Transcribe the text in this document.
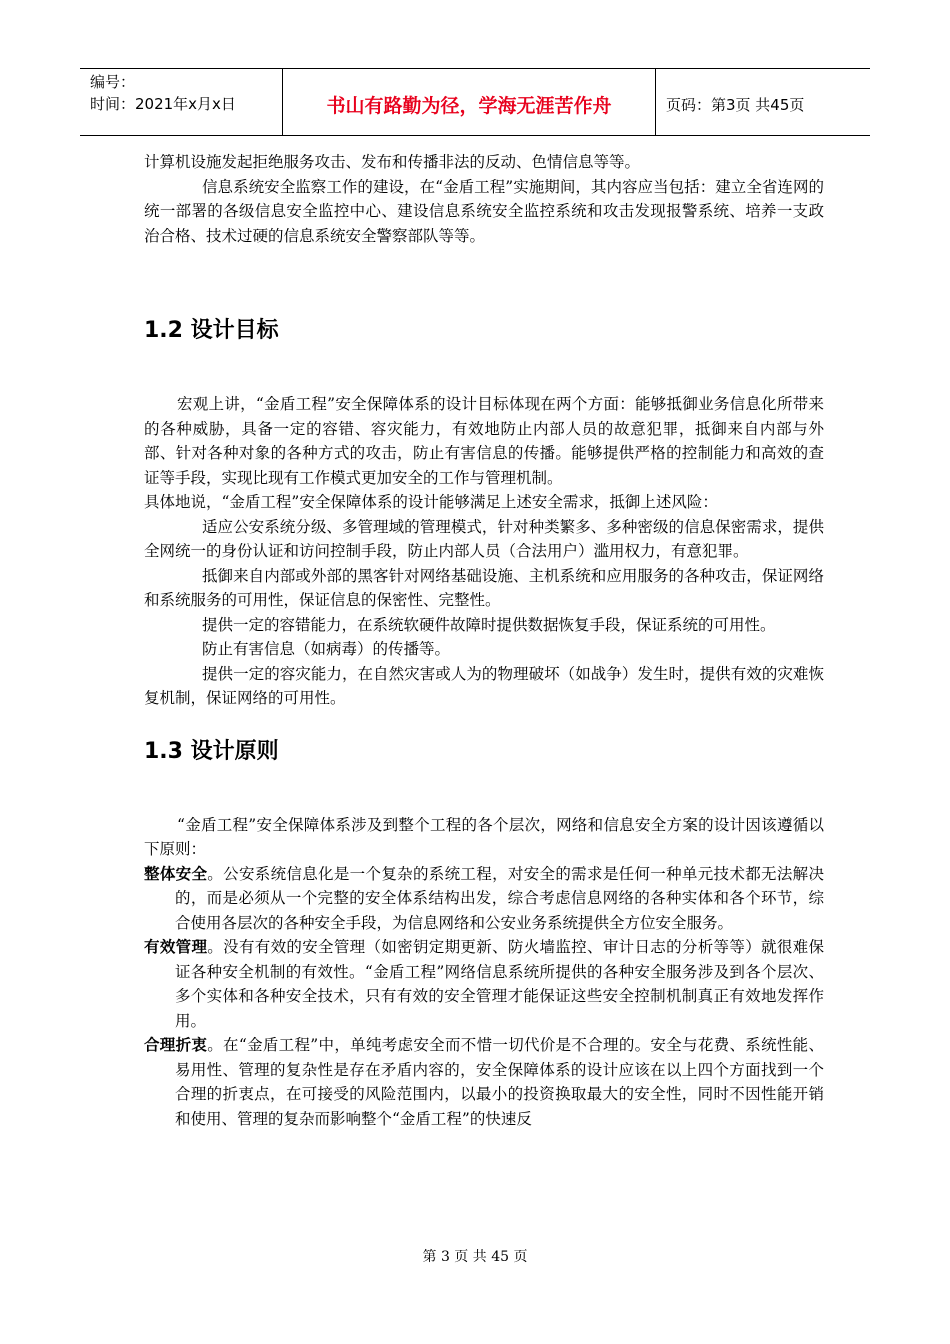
编号：
时间：2021年x月x日	书山有路勤为径，学海无涯苦作舟	页码：第3页 共45页

计算机设施发起拒绝服务攻击、发布和传播非法的反动、色情信息等等。

信息系统安全监察工作的建设，在“金盾工程”实施期间，其内容应当包括：建立全省连网的统一部署的各级信息安全监控中心、建设信息系统安全监控系统和攻击发现报警系统、培养一支政治合格、技术过硬的信息系统安全警察部队等等。

1.2 设计目标

宏观上讲，“金盾工程”安全保障体系的设计目标体现在两个方面：能够抵御业务信息化所带来的各种威胁，具备一定的容错、容灾能力，有效地防止内部人员的故意犯罪，抵御来自内部与外部、针对各种对象的各种方式的攻击，防止有害信息的传播。能够提供严格的控制能力和高效的查证等手段，实现比现有工作模式更加安全的工作与管理机制。

具体地说，“金盾工程”安全保障体系的设计能够满足上述安全需求，抵御上述风险：

适应公安系统分级、多管理域的管理模式，针对种类繁多、多种密级的信息保密需求，提供全网统一的身份认证和访问控制手段，防止内部人员（合法用户）滥用权力，有意犯罪。

抵御来自内部或外部的黑客针对网络基础设施、主机系统和应用服务的各种攻击，保证网络和系统服务的可用性，保证信息的保密性、完整性。

提供一定的容错能力，在系统软硬件故障时提供数据恢复手段，保证系统的可用性。

防止有害信息（如病毒）的传播等。

提供一定的容灾能力，在自然灾害或人为的物理破坏（如战争）发生时，提供有效的灾难恢复机制，保证网络的可用性。

1.3 设计原则

“金盾工程”安全保障体系涉及到整个工程的各个层次，网络和信息安全方案的设计因该遵循以下原则：

整体安全。公安系统信息化是一个复杂的系统工程，对安全的需求是任何一种单元技术都无法解决的，而是必须从一个完整的安全体系结构出发，综合考虑信息网络的各种实体和各个环节，综合使用各层次的各种安全手段，为信息网络和公安业务系统提供全方位安全服务。

有效管理。没有有效的安全管理（如密钥定期更新、防火墙监控、审计日志的分析等等）就很难保证各种安全机制的有效性。“金盾工程”网络信息系统所提供的各种安全服务涉及到各个层次、多个实体和各种安全技术，只有有效的安全管理才能保证这些安全控制机制真正有效地发挥作用。

合理折衷。在“金盾工程”中，单纯考虑安全而不惜一切代价是不合理的。安全与花费、系统性能、易用性、管理的复杂性是存在矛盾内容的，安全保障体系的设计应该在以上四个方面找到一个合理的折衷点，在可接受的风险范围内，以最小的投资换取最大的安全性，同时不因性能开销和使用、管理的复杂而影响整个“金盾工程”的快速反

第 3 页 共 45 页
